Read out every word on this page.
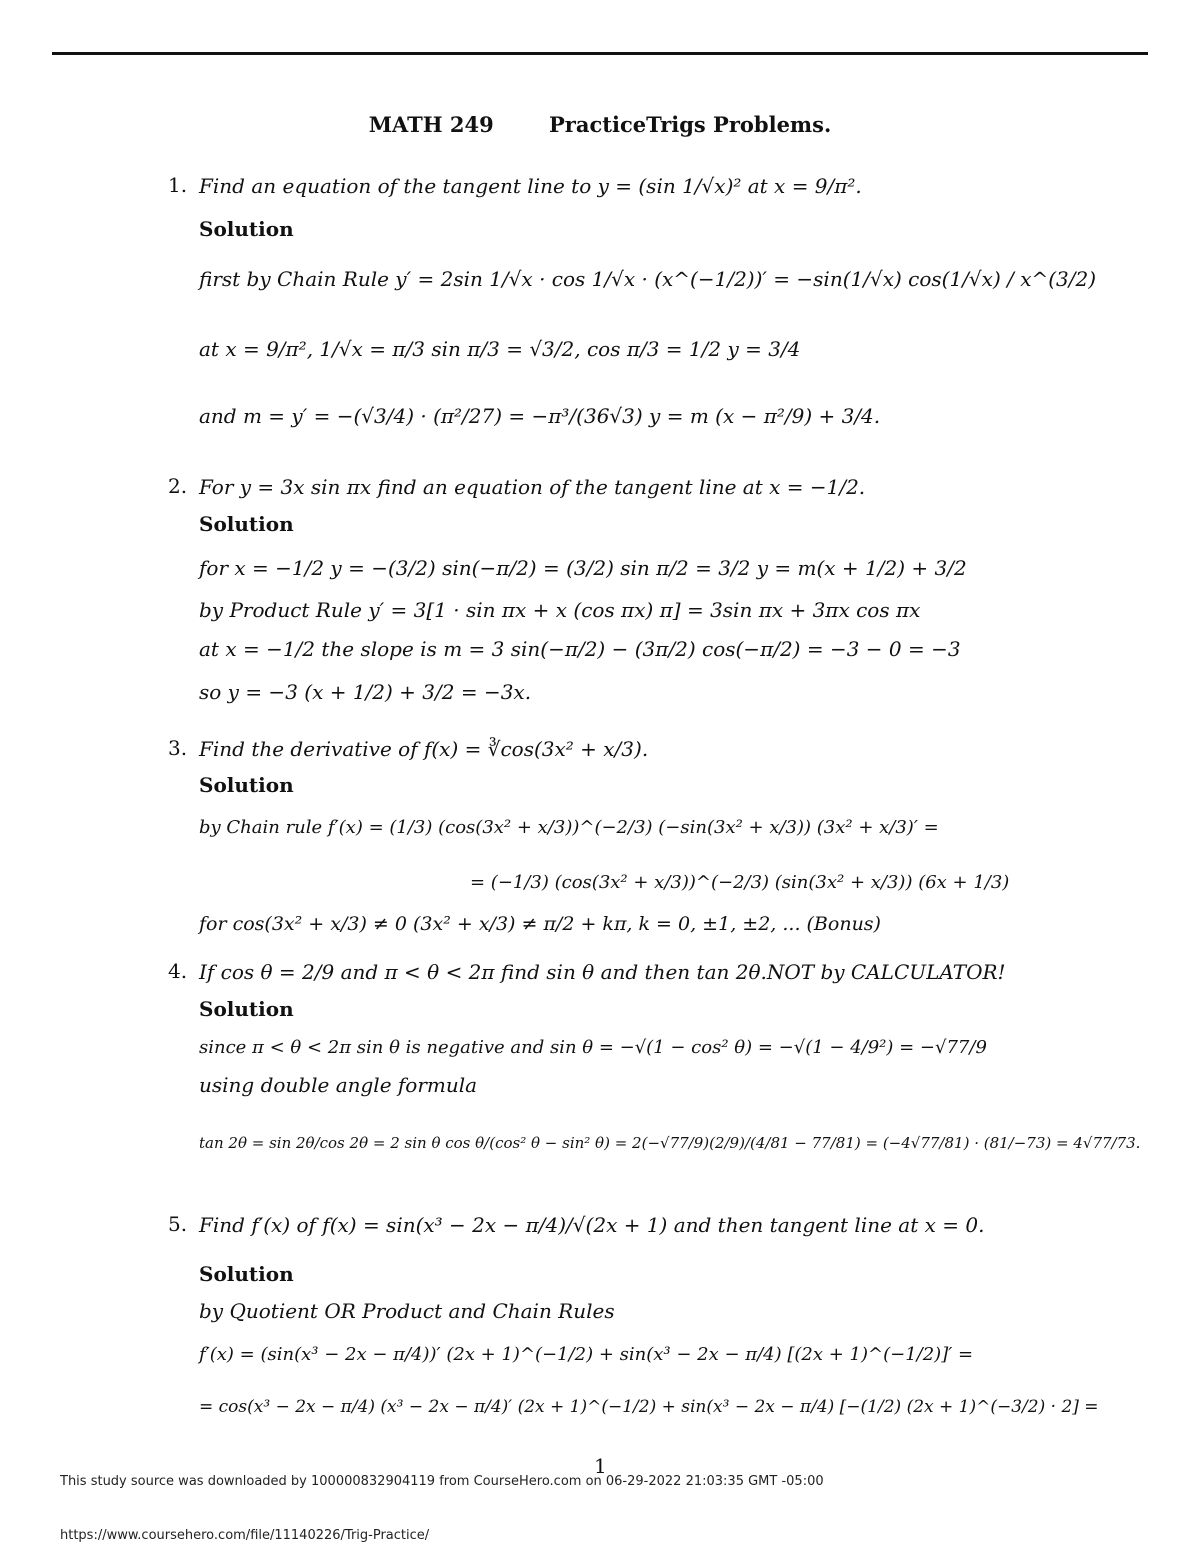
MATH 249	PracticeTrigs Problems.
1. Find an equation of the tangent line to y = (sin 1/√x)² at x = 9/π².
Solution
first by Chain Rule y′ = 2sin 1/√x · cos 1/√x · (x^(−1/2))′ = −sin(1/√x) cos(1/√x) / x^(3/2)
at x = 9/π², 1/√x = π/3 sin π/3 = √3/2, cos π/3 = 1/2 y = 3/4
and m = y′ = −(√3/4) · (π²/27) = −π³/(36√3) y = m (x − π²/9) + 3/4.
2. For y = 3x sin πx find an equation of the tangent line at x = −1/2.
Solution
for x = −1/2 y = −(3/2) sin(−π/2) = (3/2) sin π/2 = 3/2 y = m(x + 1/2) + 3/2
by Product Rule y′ = 3[1 · sin πx + x (cos πx) π] = 3sin πx + 3πx cos πx
at x = −1/2 the slope is m = 3 sin(−π/2) − (3π/2) cos(−π/2) = −3 − 0 = −3
so y = −3 (x + 1/2) + 3/2 = −3x.
3. Find the derivative of f(x) = ∛cos(3x² + x/3).
Solution
by Chain rule f′(x) = (1/3) (cos(3x² + x/3))^(−2/3) (−sin(3x² + x/3)) (3x² + x/3)′ =
= (−1/3) (cos(3x² + x/3))^(−2/3) (sin(3x² + x/3)) (6x + 1/3)
for cos(3x² + x/3) ≠ 0 (3x² + x/3) ≠ π/2 + kπ, k = 0, ±1, ±2, ... (Bonus)
4. If cos θ = 2/9 and π < θ < 2π find sin θ and then tan 2θ.NOT by CALCULATOR!
Solution
since π < θ < 2π sin θ is negative and sin θ = −√(1 − cos² θ) = −√(1 − 4/9²) = −√77/9
using double angle formula
tan 2θ = sin 2θ/cos 2θ = 2 sin θ cos θ/(cos² θ − sin² θ) = 2(−√77/9)(2/9)/(4/81 − 77/81) = (−4√77/81) · (81/−73) = 4√77/73.
5. Find f′(x) of f(x) = sin(x³ − 2x − π/4)/√(2x + 1) and then tangent line at x = 0.
Solution
by Quotient OR Product and Chain Rules
f′(x) = (sin(x³ − 2x − π/4))′ (2x + 1)^(−1/2) + sin(x³ − 2x − π/4) [(2x + 1)^(−1/2)]′ =
= cos(x³ − 2x − π/4) (x³ − 2x − π/4)′ (2x + 1)^(−1/2) + sin(x³ − 2x − π/4) [−(1/2) (2x + 1)^(−3/2) · 2] =
1
This study source was downloaded by 100000832904119 from CourseHero.com on 06-29-2022 21:03:35 GMT -05:00
https://www.coursehero.com/file/11140226/Trig-Practice/
